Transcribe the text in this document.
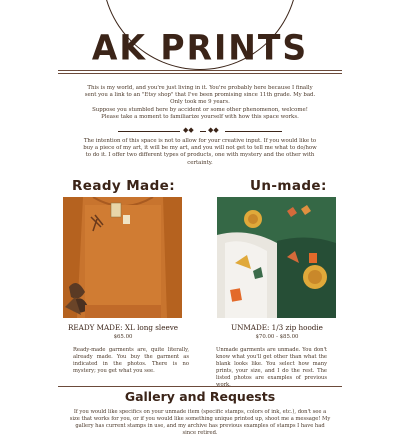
AK PRINTS

This is my world, and you're just living in it. You're probably here because I finally

sent you a link to an "Etsy shop" that I've been promising since 11th grade. My bad.

Only took me 9 years.

Suppose you stumbled here by accident or some other phenomenon, welcome!

Please take a moment to familiarize yourself with how this space works.

◆◆ ◆◆
The intention of this space is not to allow for your creative input. If you would like to buy a piece of my art, it will be my art, and you will not get to tell me what to do/how to do it. I offer two different types of products, one with mystery and the other with certainty.
Ready Made:	Un-made:
READY MADE: XL long sleeve
$65.00
Ready-made garments are, quite literally, already made. You buy the garment as indicated in the photos. There is no mystery; you get what you see.
UNMADE: 1/3 zip hoodie
$70.00 - $85.00
Unmade garments are unmade. You don't know what you'll get other than what the blank looks like. You select how many prints, your size, and I do the rest. The listed photos are examples of previous work.
Gallery and Requests
If you would like specifics on your unmade item (specific stamps, colors of ink, etc.), don't see a size that works for you, or if you would like something unique printed up, shoot me a message! My gallery has current stamps in use, and my archive has previous examples of stamps I have had since retired.
